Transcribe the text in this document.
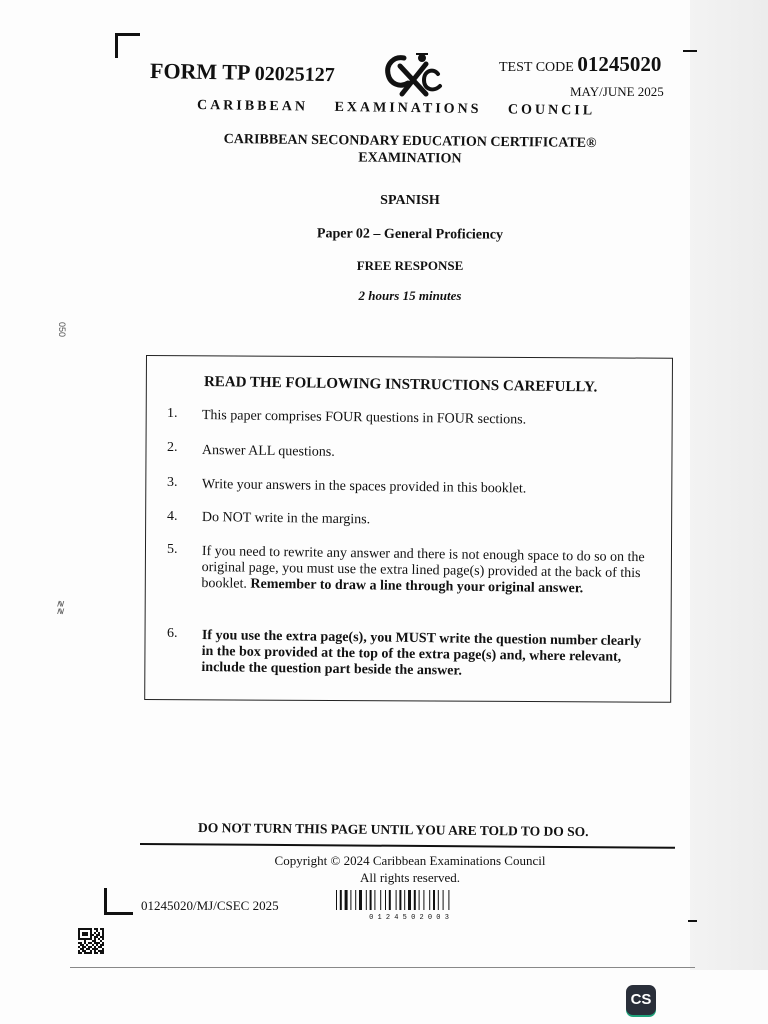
FORM TP 02025127	TEST CODE 01245020
MAY/JUNE 2025
CARIBBEAN EXAMINATIONS COUNCIL
CARIBBEAN SECONDARY EDUCATION CERTIFICATE®
EXAMINATION
SPANISH
Paper 02 – General Proficiency
FREE RESPONSE
2 hours 15 minutes
050
≷≷
READ THE FOLLOWING INSTRUCTIONS CAREFULLY.
1. This paper comprises FOUR questions in FOUR sections.
2. Answer ALL questions.
3. Write your answers in the spaces provided in this booklet.
4. Do NOT write in the margins.
5. If you need to rewrite any answer and there is not enough space to do so on the original page, you must use the extra lined page(s) provided at the back of this booklet. Remember to draw a line through your original answer.
6. If you use the extra page(s), you MUST write the question number clearly in the box provided at the top of the extra page(s) and, where relevant, include the question part beside the answer.
DO NOT TURN THIS PAGE UNTIL YOU ARE TOLD TO DO SO.
Copyright © 2024 Caribbean Examinations Council
All rights reserved.
01245020/MJ/CSEC 2025
0 1 2 4 5 0 2 0 0 3
CS
